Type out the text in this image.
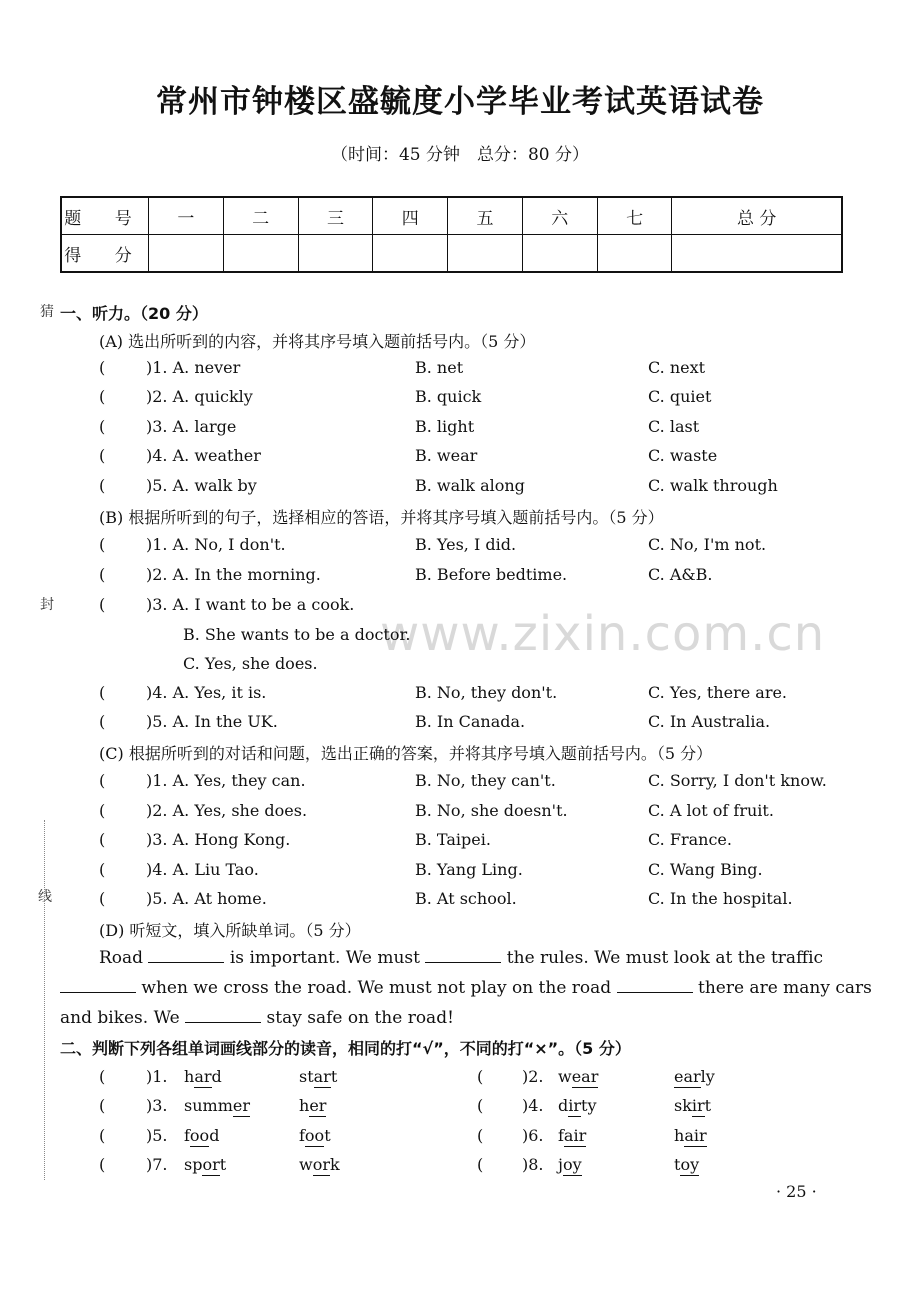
常州市钟楼区盛毓度小学毕业考试英语试卷
（时间：45 分钟　总分：80 分）
题 号	一	二	三	四	五	六	七	总 分
得 分								
猜
封
线
一、听力。（20 分）
(A) 选出所听到的内容，并将其序号填入题前括号内。（5 分）
(	)1. A. never	B. net	C. next
(	)2. A. quickly	B. quick	C. quiet
(	)3. A. large	B. light	C. last
(	)4. A. weather	B. wear	C. waste
(	)5. A. walk by	B. walk along	C. walk through
(B) 根据所听到的句子，选择相应的答语，并将其序号填入题前括号内。（5 分）
(	)1. A. No, I don't.	B. Yes, I did.	C. No, I'm not.
(	)2. A. In the morning.	B. Before bedtime.	C. A&B.
www.zixin.com.cn
(	)3. A. I want to be a cook.
B. She wants to be a doctor.
C. Yes, she does.
(	)4. A. Yes, it is.	B. No, they don't.	C. Yes, there are.
(	)5. A. In the UK.	B. In Canada.	C. In Australia.
(C) 根据所听到的对话和问题，选出正确的答案，并将其序号填入题前括号内。（5 分）
(	)1. A. Yes, they can.	B. No, they can't.	C. Sorry, I don't know.
(	)2. A. Yes, she does.	B. No, she doesn't.	C. A lot of fruit.
(	)3. A. Hong Kong.	B. Taipei.	C. France.
(	)4. A. Liu Tao.	B. Yang Ling.	C. Wang Bing.
(	)5. A. At home.	B. At school.	C. In the hospital.
(D) 听短文，填入所缺单词。（5 分）
Road	is important. We must	the rules. We must look at the traffic
when we cross the road. We must not play on the road	there are many cars
and bikes. We	stay safe on the road!
二、判断下列各组单词画线部分的读音，相同的打“√”，不同的打“×”。（5 分）
(	)1. hard	start	( )2. wear	early
(	)3. summer	her	( )4. dirty	skirt
(	)5. food	foot	( )6. fair	hair
(	)7. sport	work	( )8. joy	toy
· 25 ·
